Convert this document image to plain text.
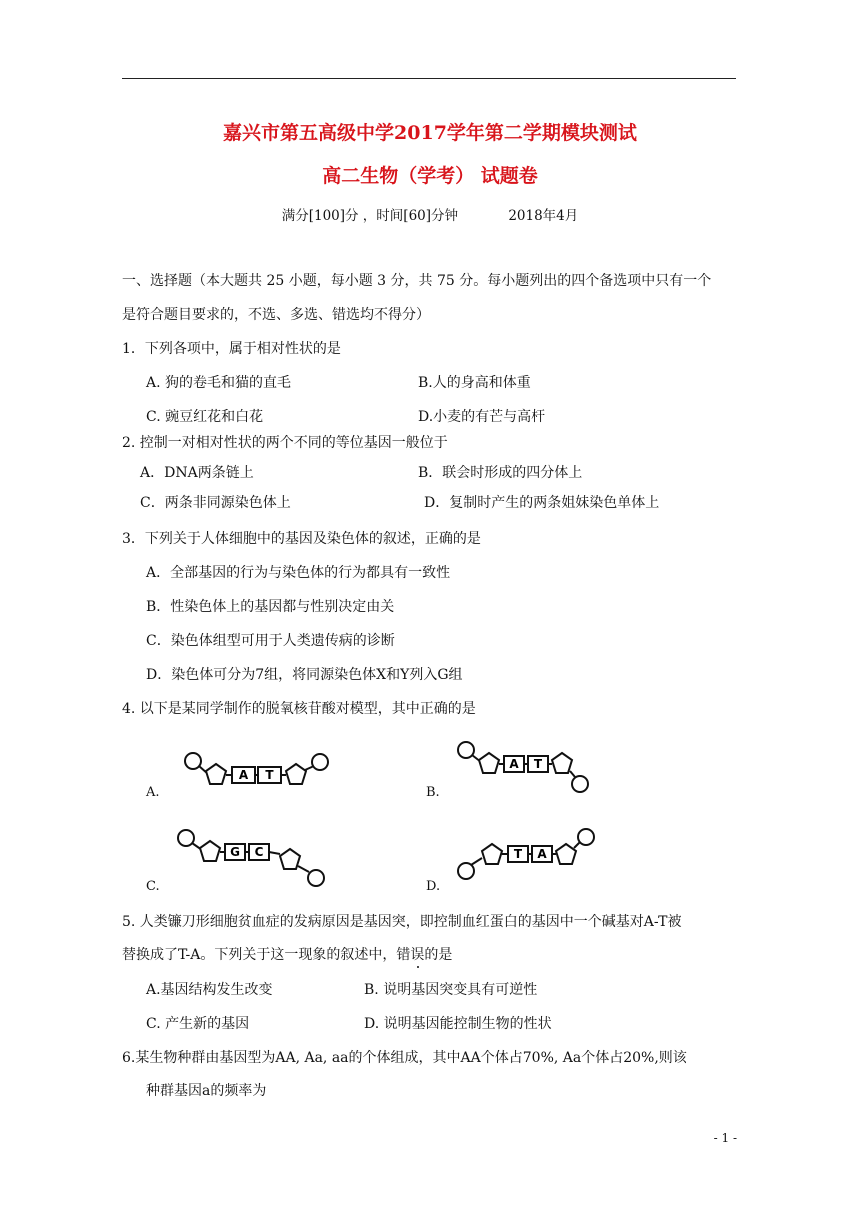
嘉兴市第五高级中学2017学年第二学期模块测试
高二生物（学考） 试题卷
满分[100]分 ，时间[60]分钟	2018年4月
一、选择题（本大题共 25 小题，每小题 3 分，共 75 分。每小题列出的四个备选项中只有一个
是符合题目要求的，不选、多选、错选均不得分）
1．下列各项中，属于相对性状的是
A. 狗的卷毛和猫的直毛	B.人的身高和体重
C. 豌豆红花和白花	D.小麦的有芒与高杆
2. 控制一对相对性状的两个不同的等位基因一般位于
A．DNA两条链上	B．联会时形成的四分体上
C．两条非同源染色体上	D．复制时产生的两条姐妹染色单体上
3．下列关于人体细胞中的基因及染色体的叙述，正确的是
A．全部基因的行为与染色体的行为都具有一致性
B．性染色体上的基因都与性别决定由关
C．染色体组型可用于人类遗传病的诊断
D．染色体可分为7组，将同源染色体X和Y列入G组
4. 以下是某同学制作的脱氧核苷酸对模型，其中正确的是
A.
A T
B.
A T
C.
G C
D.
T A
5. 人类镰刀形细胞贫血症的发病原因是基因突，即控制血红蛋白的基因中一个碱基对A-T被
替换成了T-A。下列关于这一现象的叙述中，错误的是
A.基因结构发生改变	B. 说明基因突变具有可逆性
C. 产生新的基因	D. 说明基因能控制生物的性状
6.某生物种群由基因型为AA, Aa, aa的个体组成，其中AA个体占70%, Aa个体占20%,则该
种群基因a的频率为
- 1 -
